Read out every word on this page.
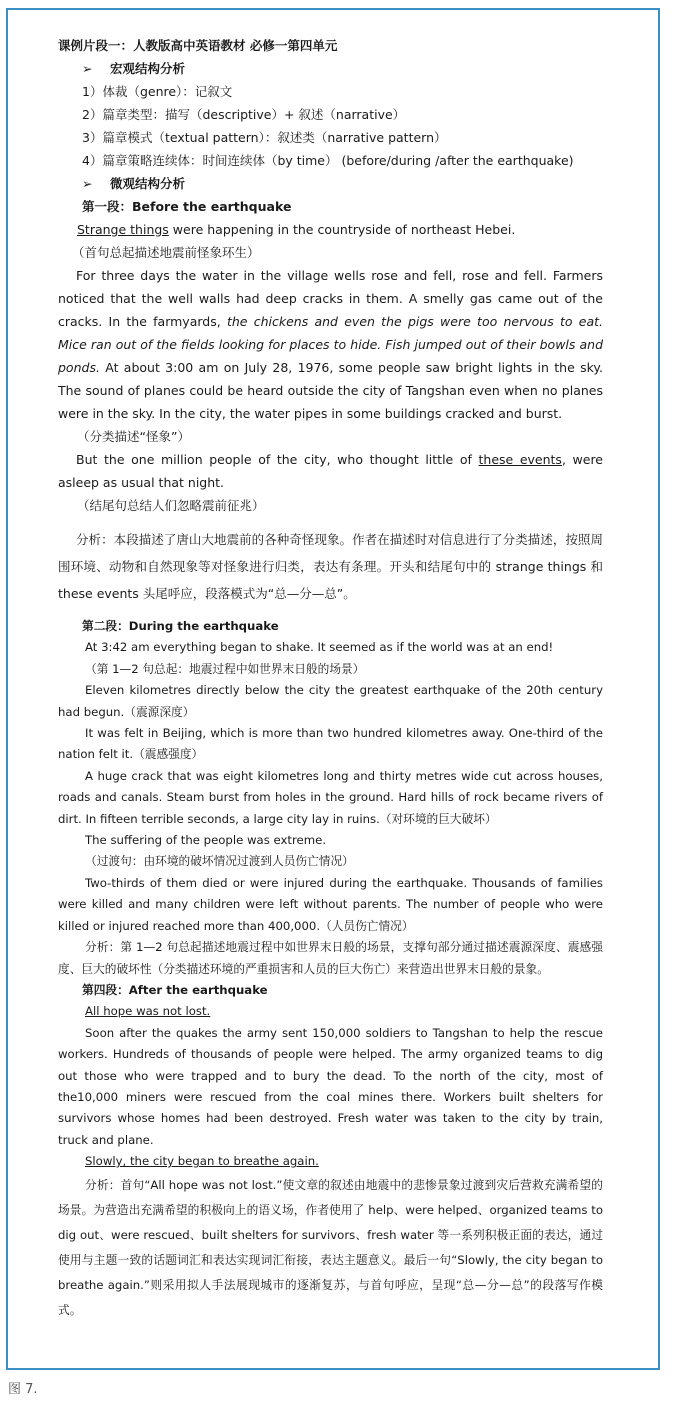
课例片段一：人教版高中英语教材 必修一第四单元
➢ 宏观结构分析
1）体裁（genre）：记叙文
2）篇章类型：描写（descriptive）+ 叙述（narrative）
3）篇章模式（textual pattern）：叙述类（narrative pattern）
4）篇章策略连续体：时间连续体（by time） (before/during /after the earthquake)
➢ 微观结构分析
第一段：Before the earthquake
Strange things were happening in the countryside of northeast Hebei.
（首句总起描述地震前怪象环生）
For three days the water in the village wells rose and fell, rose and fell. Farmers noticed that the well walls had deep cracks in them. A smelly gas came out of the cracks. In the farmyards, the chickens and even the pigs were too nervous to eat. Mice ran out of the fields looking for places to hide. Fish jumped out of their bowls and ponds. At about 3:00 am on July 28, 1976, some people saw bright lights in the sky. The sound of planes could be heard outside the city of Tangshan even when no planes were in the sky. In the city, the water pipes in some buildings cracked and burst.
（分类描述“怪象”）
But the one million people of the city, who thought little of these events, were asleep as usual that night.
（结尾句总结人们忽略震前征兆）
分析：本段描述了唐山大地震前的各种奇怪现象。作者在描述时对信息进行了分类描述，按照周围环境、动物和自然现象等对怪象进行归类，表达有条理。开头和结尾句中的 strange things 和 these events 头尾呼应，段落模式为“总—分—总”。
第二段：During the earthquake
At 3:42 am everything began to shake. It seemed as if the world was at an end!
（第 1—2 句总起：地震过程中如世界末日般的场景）
Eleven kilometres directly below the city the greatest earthquake of the 20th century had begun.（震源深度）
It was felt in Beijing, which is more than two hundred kilometres away. One-third of the nation felt it.（震感强度）
A huge crack that was eight kilometres long and thirty metres wide cut across houses, roads and canals. Steam burst from holes in the ground. Hard hills of rock became rivers of dirt. In fifteen terrible seconds, a large city lay in ruins.（对环境的巨大破坏）
The suffering of the people was extreme.
（过渡句：由环境的破坏情况过渡到人员伤亡情况）
Two-thirds of them died or were injured during the earthquake. Thousands of families were killed and many children were left without parents. The number of people who were killed or injured reached more than 400,000.（人员伤亡情况）
分析：第 1—2 句总起描述地震过程中如世界末日般的场景，支撑句部分通过描述震源深度、震感强度、巨大的破坏性（分类描述环境的严重损害和人员的巨大伤亡）来营造出世界末日般的景象。
第四段：After the earthquake
All hope was not lost.
Soon after the quakes the army sent 150,000 soldiers to Tangshan to help the rescue workers. Hundreds of thousands of people were helped. The army organized teams to dig out those who were trapped and to bury the dead. To the north of the city, most of the10,000 miners were rescued from the coal mines there. Workers built shelters for survivors whose homes had been destroyed. Fresh water was taken to the city by train, truck and plane.
Slowly, the city began to breathe again.
分析：首句“All hope was not lost.”使文章的叙述由地震中的悲惨景象过渡到灾后营救充满希望的场景。为营造出充满希望的积极向上的语义场，作者使用了 help、were helped、organized teams to dig out、were rescued、built shelters for survivors、fresh water 等一系列积极正面的表达，通过使用与主题一致的话题词汇和表达实现词汇衔接，表达主题意义。最后一句“Slowly, the city began to breathe again.”则采用拟人手法展现城市的逐渐复苏，与首句呼应，呈现“总—分—总”的段落写作模式。
图 7.
